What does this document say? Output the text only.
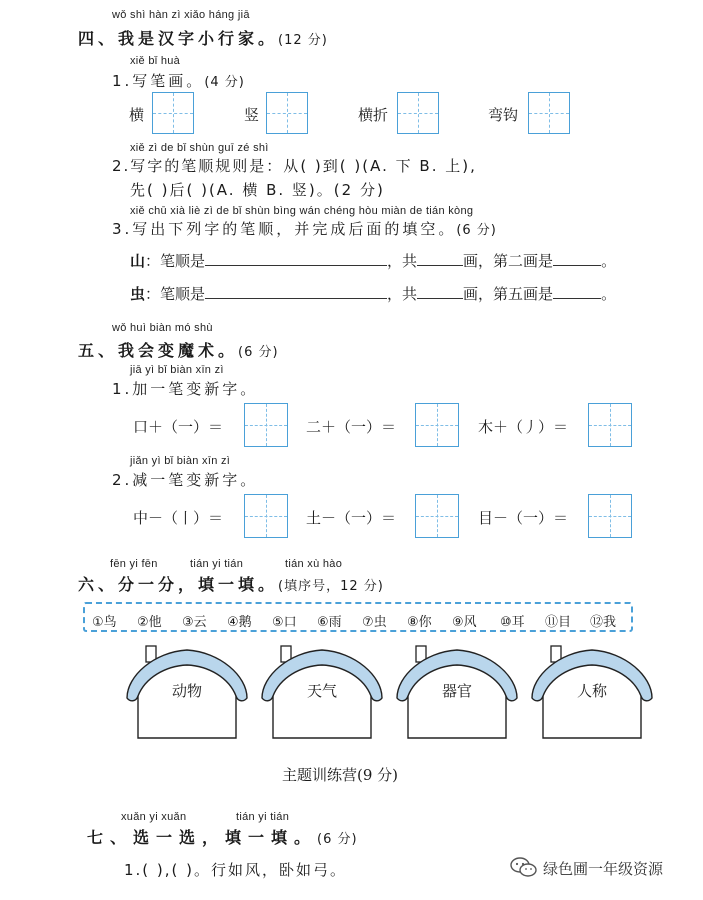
wǒ shì hàn zì xiǎo háng jiā
四、我是汉字小行家。(12 分)
xiě bǐ huà
1.写笔画。(4 分)
横	竖	横折	弯钩
xiě zì de bǐ shùn guī zé shì
2.写字的笔顺规则是：从( )到( )(A. 下 B. 上),
先( )后( )(A. 横 B. 竖)。(2 分)
xiě chū xià liè zì de bǐ shùn bìng wán chéng hòu miàn de tián kòng
3.写出下列字的笔顺，并完成后面的填空。(6 分)
山：笔顺是	，共	画，第二画是	。
虫：笔顺是	，共	画，第五画是	。
wǒ huì biàn mó shù
五、我会变魔术。(6 分)
jiā yì bǐ biàn xīn zì
1.加一笔变新字。
口＋（一）＝	二＋（一）＝	木＋（丿）＝
jiǎn yì bǐ biàn xīn zì
2.减一笔变新字。
中－（丨）＝	土－（一）＝	目－（一）＝
fēn yi fēn	tián yi tián	tián xù hào
六、分一分，填一填。(填序号，12 分)
①鸟 ②他 ③云 ④鹅 ⑤口 ⑥雨 ⑦虫 ⑧你 ⑨风 ⑩耳 ⑪目 ⑫我
动物	天气	器官	人称
主题训练营(9 分)
xuǎn yi xuǎn	tián yi tián
七、选一选，填一填。(6 分)
1.( ),( )。行如风，卧如弓。	绿色圃一年级资源
